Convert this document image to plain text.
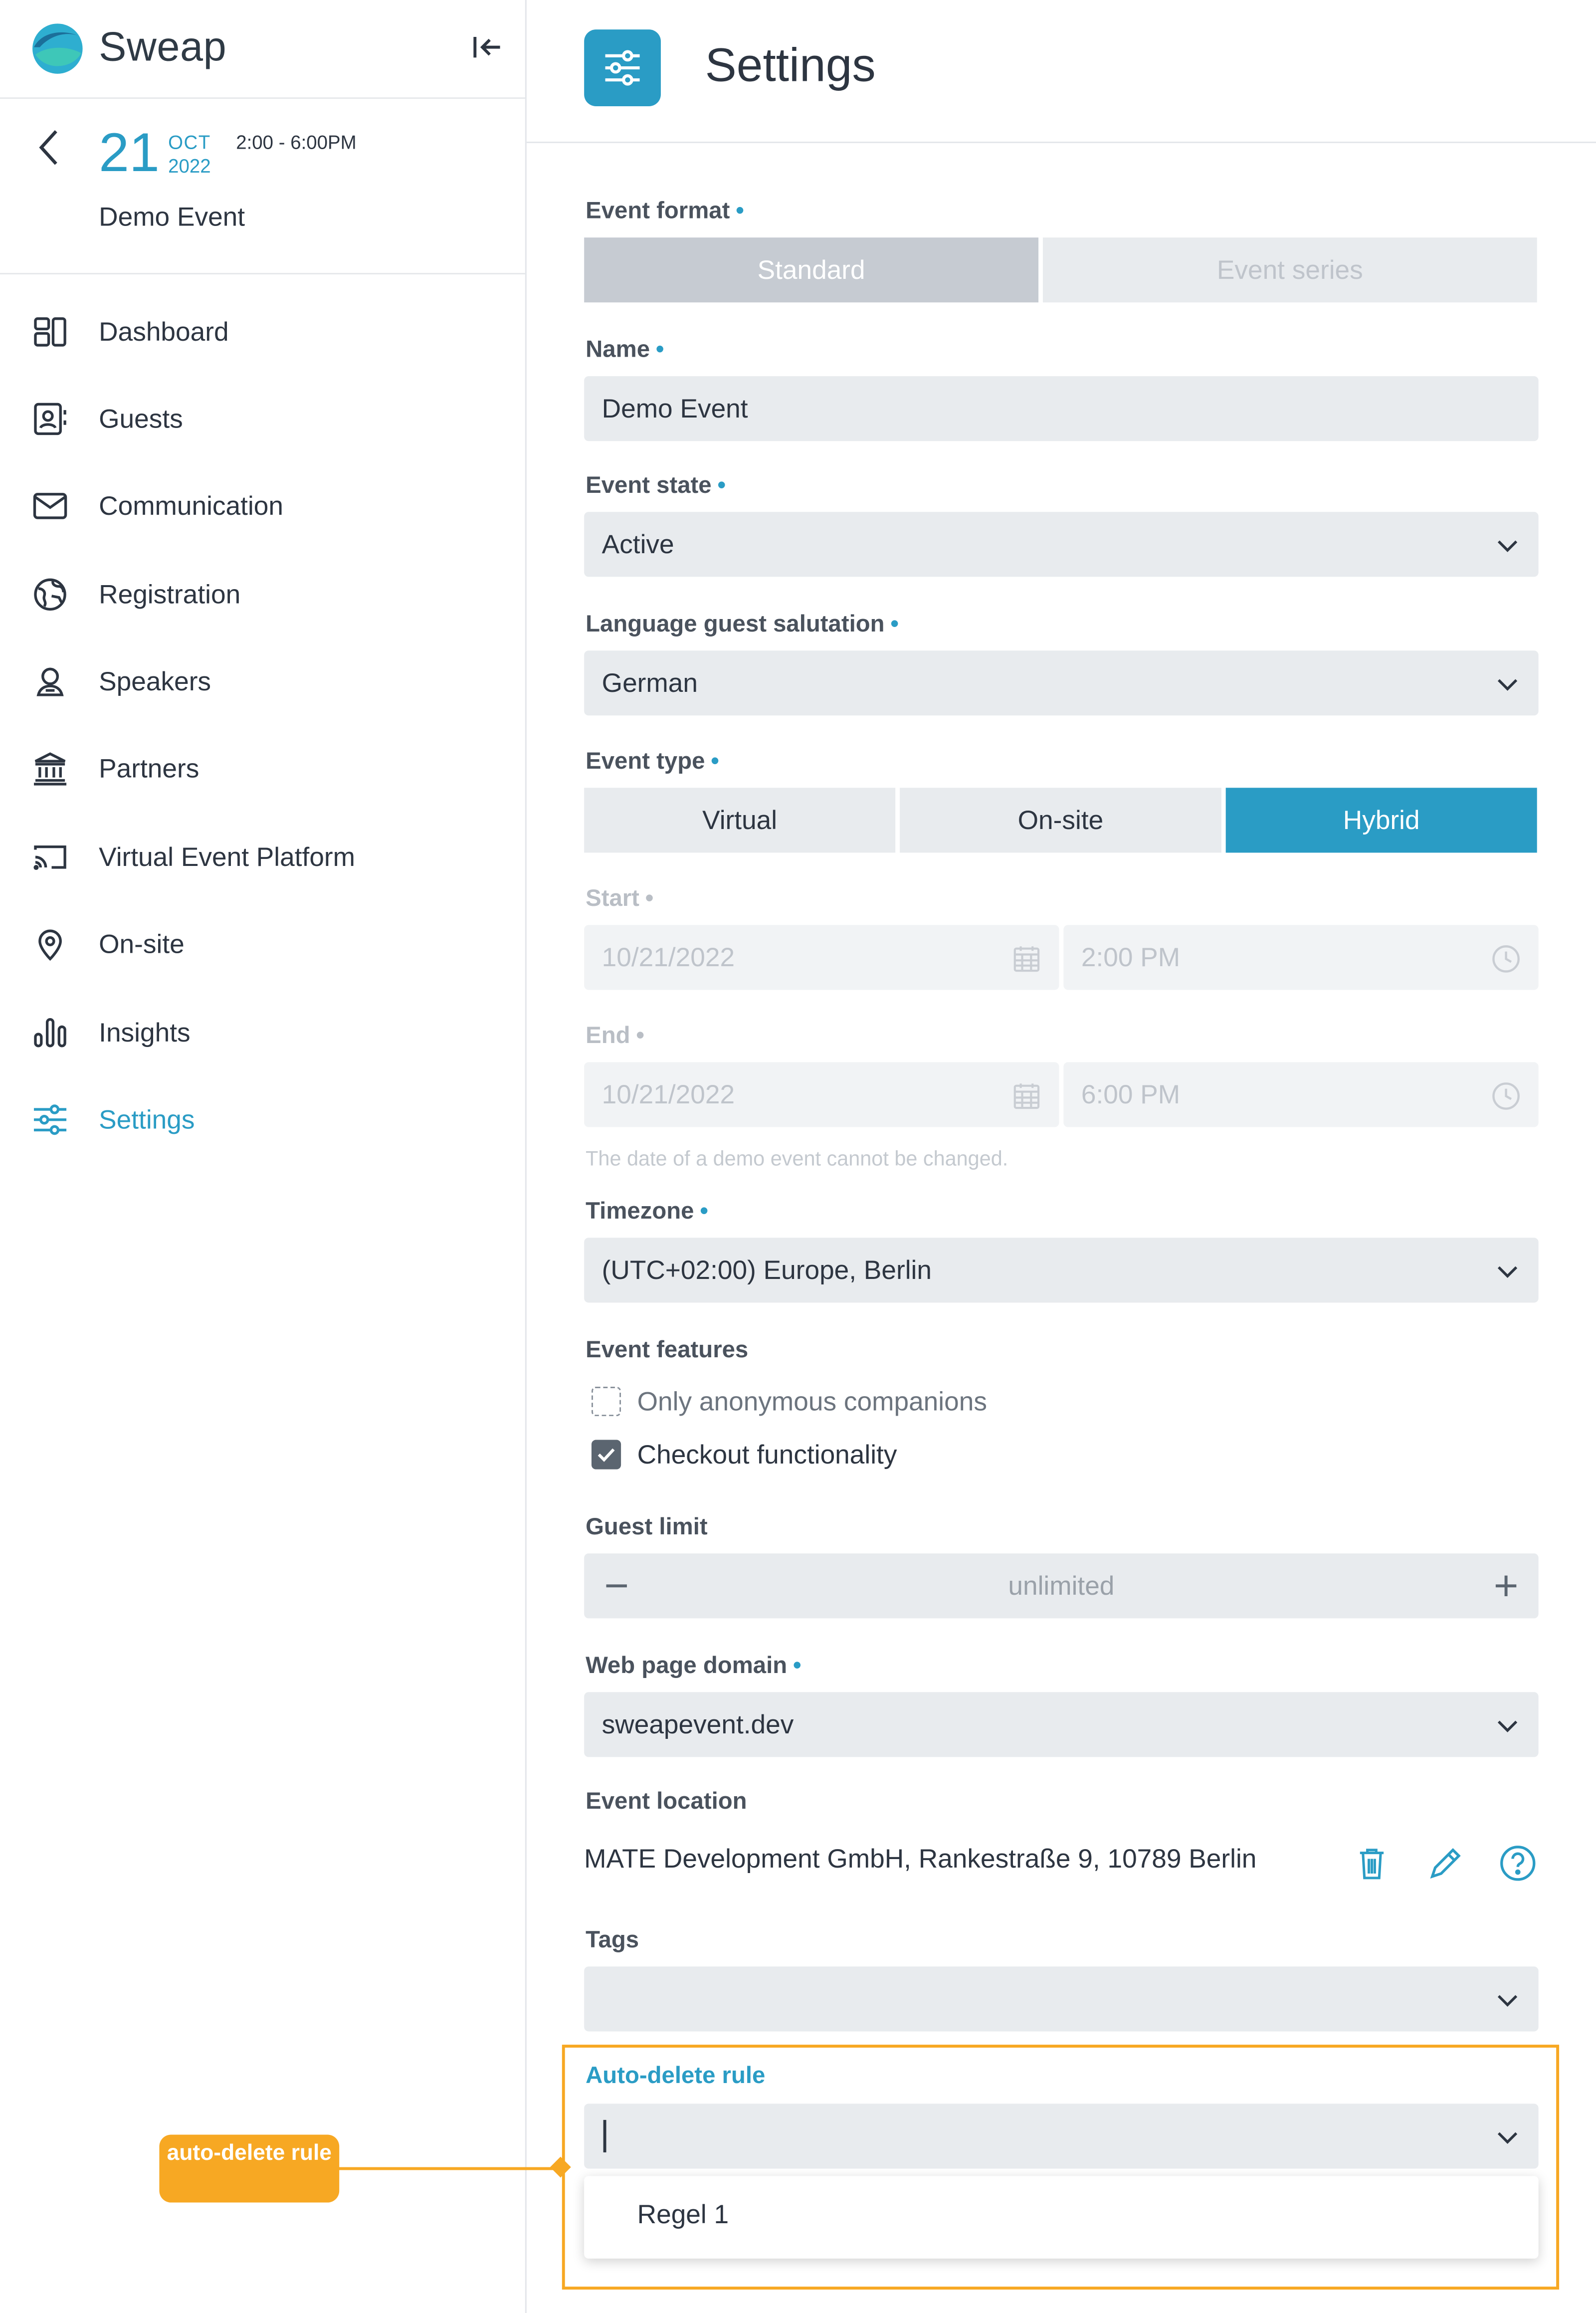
Sweap
21 OCT
2022
2:00 - 6:00PM
Demo Event
Dashboard
Guests
Communication
Registration
Speakers
Partners
Virtual Event Platform
On-site
Insights
Settings
auto-delete rule
Settings
Event format •
Standard	Event series
Name •
Demo Event
Event state •
Active
Language guest salutation •
German
Event type •
Virtual	On-site	Hybrid
Start •
10/21/2022	2:00 PM
End •
10/21/2022	6:00 PM
The date of a demo event cannot be changed.
Timezone •
(UTC+02:00) Europe, Berlin
Event features
Only anonymous companions
Checkout functionality
Guest limit
unlimited
Web page domain •
sweapevent.dev
Event location
MATE Development GmbH, Rankestraße 9, 10789 Berlin
Tags
Auto-delete rule
Regel 1
